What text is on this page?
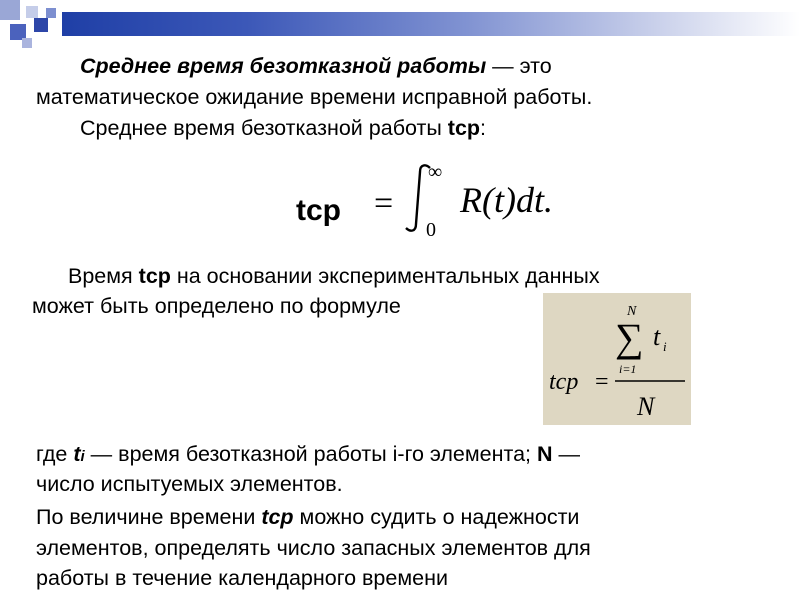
Среднее время безотказной работы — это
математическое ожидание времени исправной работы.
Среднее время безотказной работы tcp:
tcp =
∞
0
R(t)dt.
Время tcp на основании экспериментальных данных
может быть определено по формуле
tcp =
N
∑
i=1
t i
N
где ti — время безотказной работы i-го элемента; N —
число испытуемых элементов.
По величине времени tcp можно судить о надежности
элементов, определять число запасных элементов для
работы в течение календарного времени
